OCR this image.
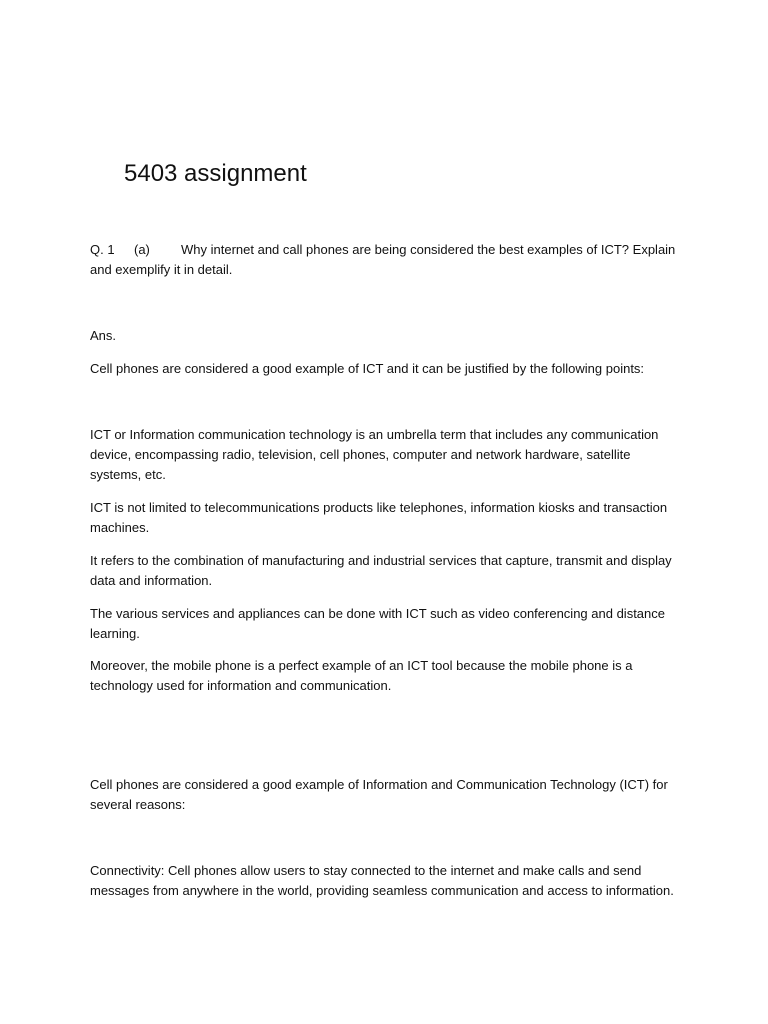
5403 assignment
Q. 1 (a) Why internet and call phones are being considered the best examples of ICT? Explain
and exemplify it in detail.
Ans.
Cell phones are considered a good example of ICT and it can be justified by the following points:
ICT or Information communication technology is an umbrella term that includes any communication device, encompassing radio, television, cell phones, computer and network hardware, satellite systems, etc.
ICT is not limited to telecommunications products like telephones, information kiosks and transaction machines.
It refers to the combination of manufacturing and industrial services that capture, transmit and display data and information.
The various services and appliances can be done with ICT such as video conferencing and distance learning.
Moreover, the mobile phone is a perfect example of an ICT tool because the mobile phone is a technology used for information and communication.
Cell phones are considered a good example of Information and Communication Technology (ICT) for several reasons:
Connectivity: Cell phones allow users to stay connected to the internet and make calls and send messages from anywhere in the world, providing seamless communication and access to information.
